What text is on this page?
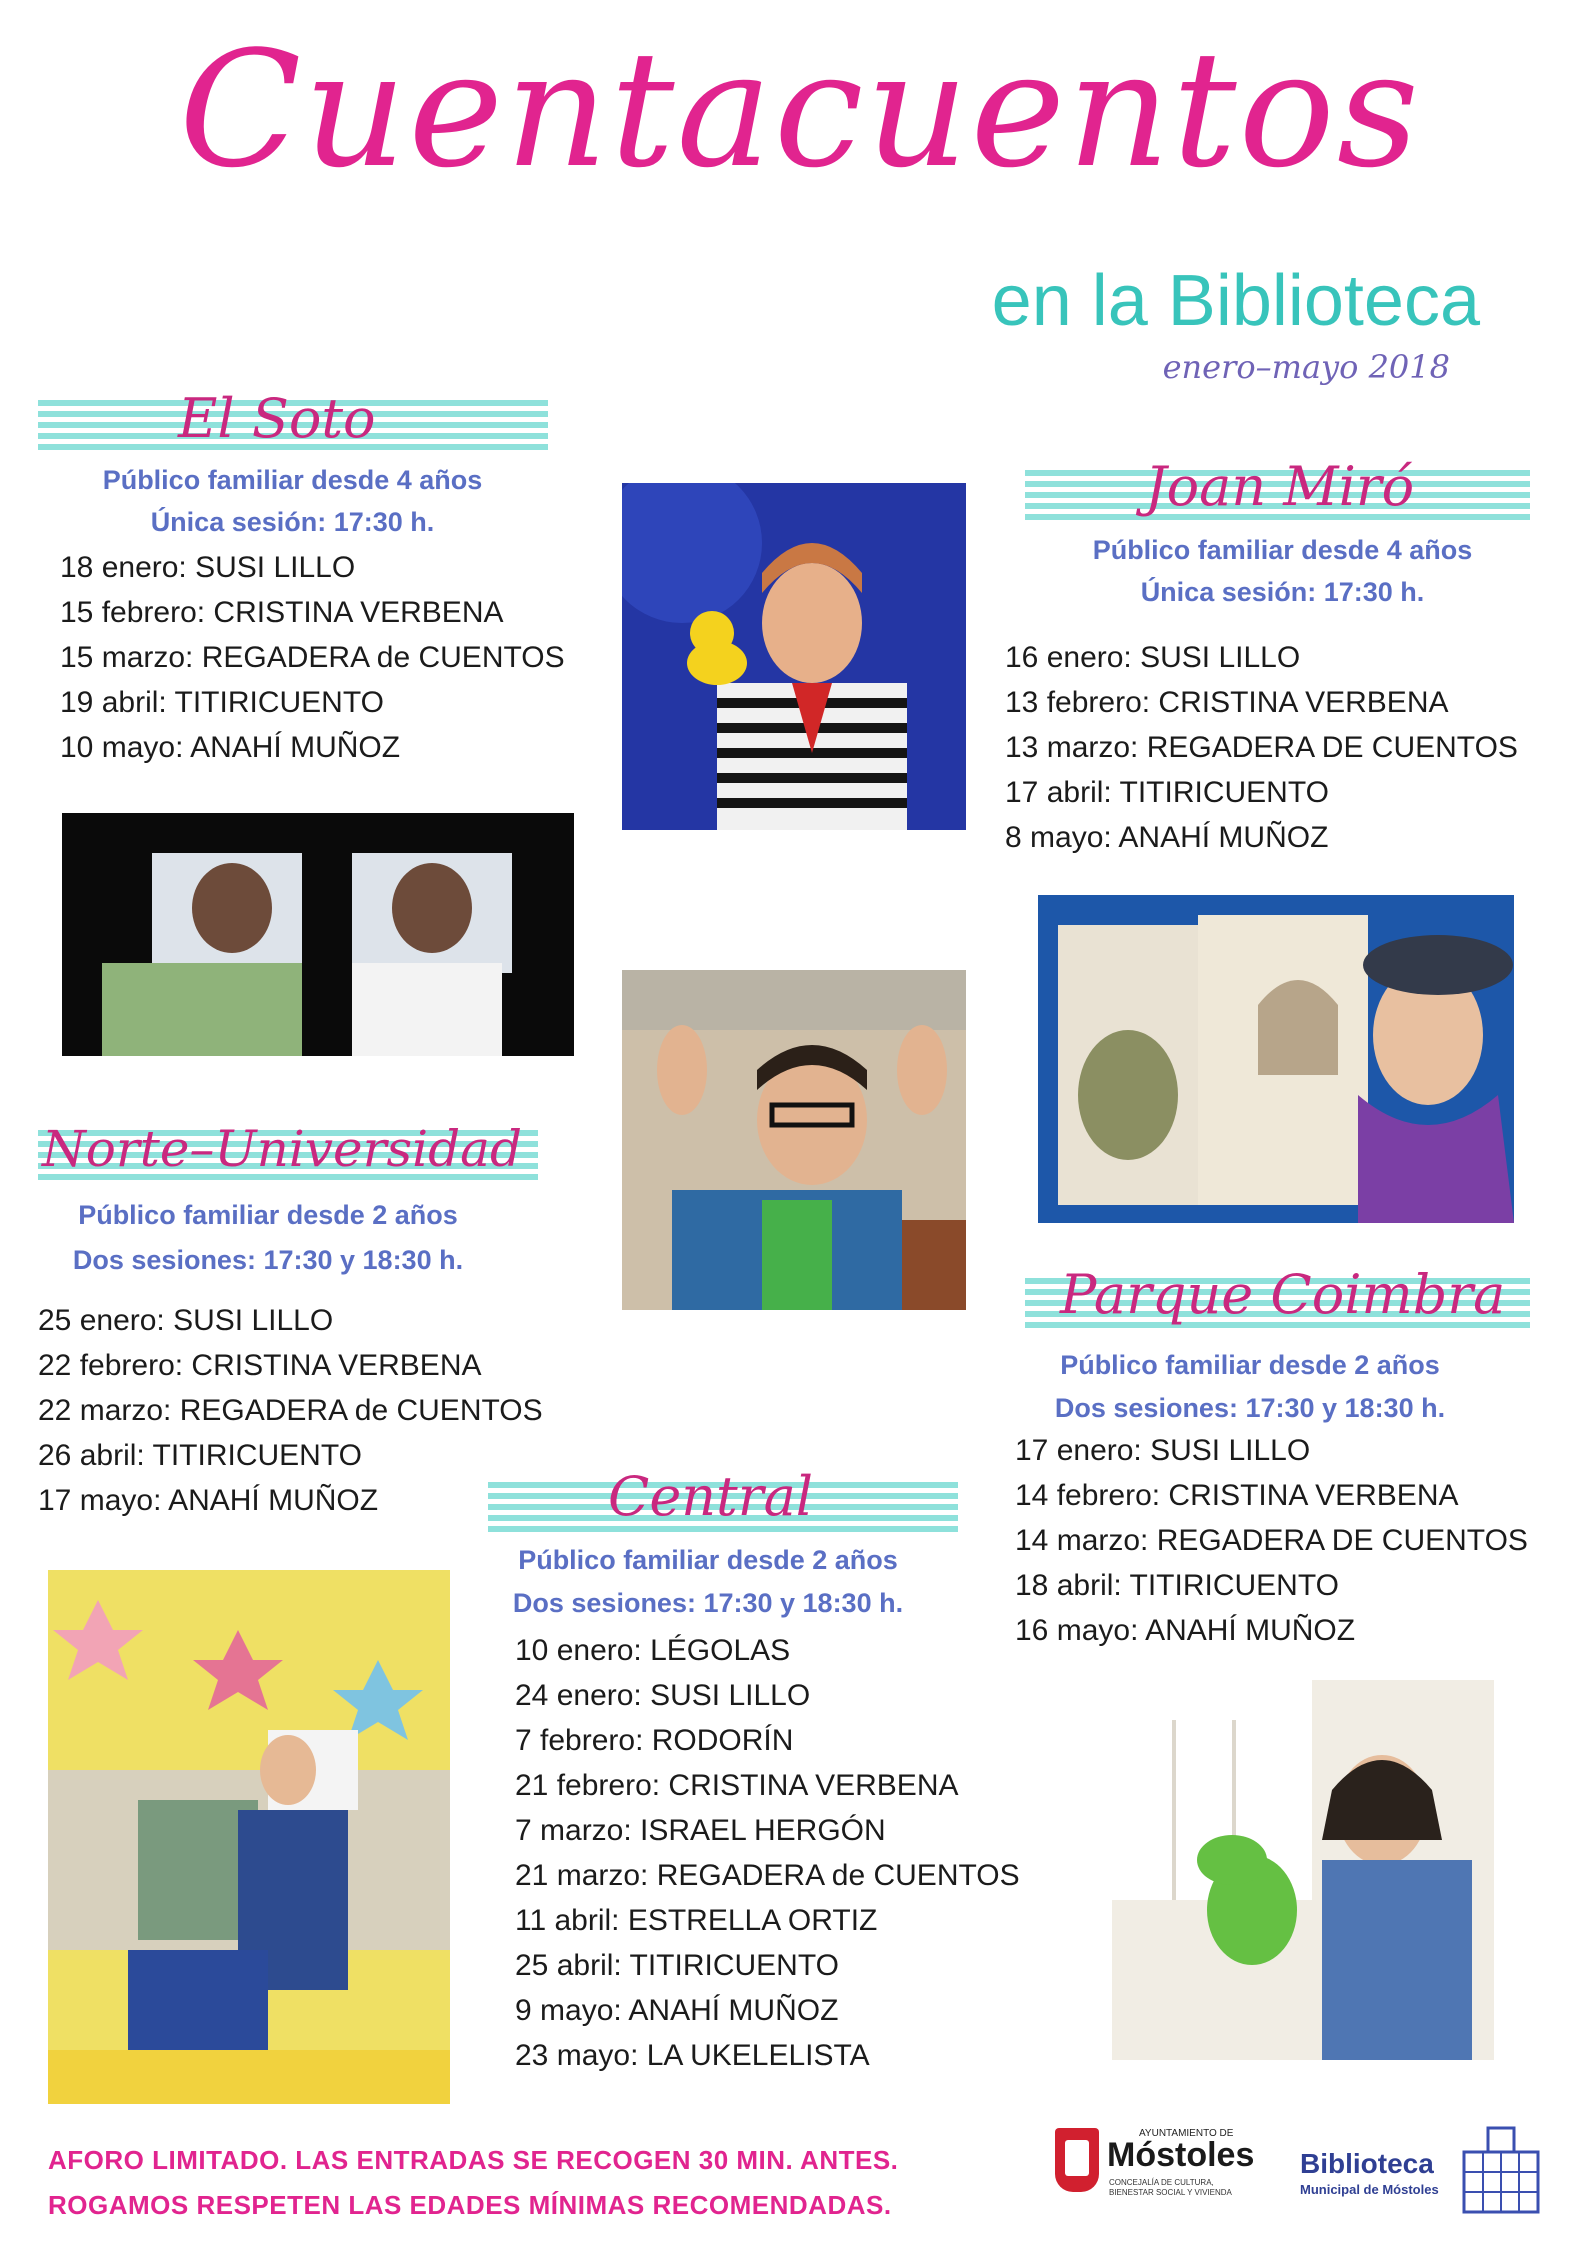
Cuentacuentos
en la Biblioteca
enero–mayo 2018
El Soto
Público familiar desde 4 años
Única sesión: 17:30 h.
18 enero: SUSI LILLO
15 febrero: CRISTINA VERBENA
15 marzo: REGADERA de CUENTOS
19 abril: TITIRICUENTO
10 mayo: ANAHÍ MUÑOZ
Joan Miró
Público familiar desde 4 años
Única sesión: 17:30 h.
16 enero: SUSI LILLO
13 febrero: CRISTINA VERBENA
13 marzo: REGADERA DE CUENTOS
17 abril: TITIRICUENTO
8 mayo: ANAHÍ MUÑOZ
Norte–Universidad
Público familiar desde 2 años
Dos sesiones: 17:30 y 18:30 h.
25 enero: SUSI LILLO
22 febrero: CRISTINA VERBENA
22 marzo: REGADERA de CUENTOS
26 abril: TITIRICUENTO
17 mayo: ANAHÍ MUÑOZ
Parque Coimbra
Público familiar desde 2 años
Dos sesiones: 17:30 y 18:30 h.
17 enero: SUSI LILLO
14 febrero: CRISTINA VERBENA
14 marzo: REGADERA DE CUENTOS
18 abril: TITIRICUENTO
16 mayo: ANAHÍ MUÑOZ
Central
Público familiar desde 2 años
Dos sesiones: 17:30 y 18:30 h.
10 enero: LÉGOLAS
24 enero: SUSI LILLO
7 febrero: RODORÍN
21 febrero: CRISTINA VERBENA
7 marzo: ISRAEL HERGÓN
21 marzo: REGADERA de CUENTOS
11 abril: ESTRELLA ORTIZ
25 abril: TITIRICUENTO
9 mayo: ANAHÍ MUÑOZ
23 mayo: LA UKELELISTA
AFORO LIMITADO. LAS ENTRADAS SE RECOGEN 30 MIN. ANTES.
ROGAMOS RESPETEN LAS EDADES MÍNIMAS RECOMENDADAS.
AYUNTAMIENTO DE
Móstoles
CONCEJALÍA DE CULTURA,
BIENESTAR SOCIAL Y VIVIENDA
Biblioteca
Municipal de Móstoles
